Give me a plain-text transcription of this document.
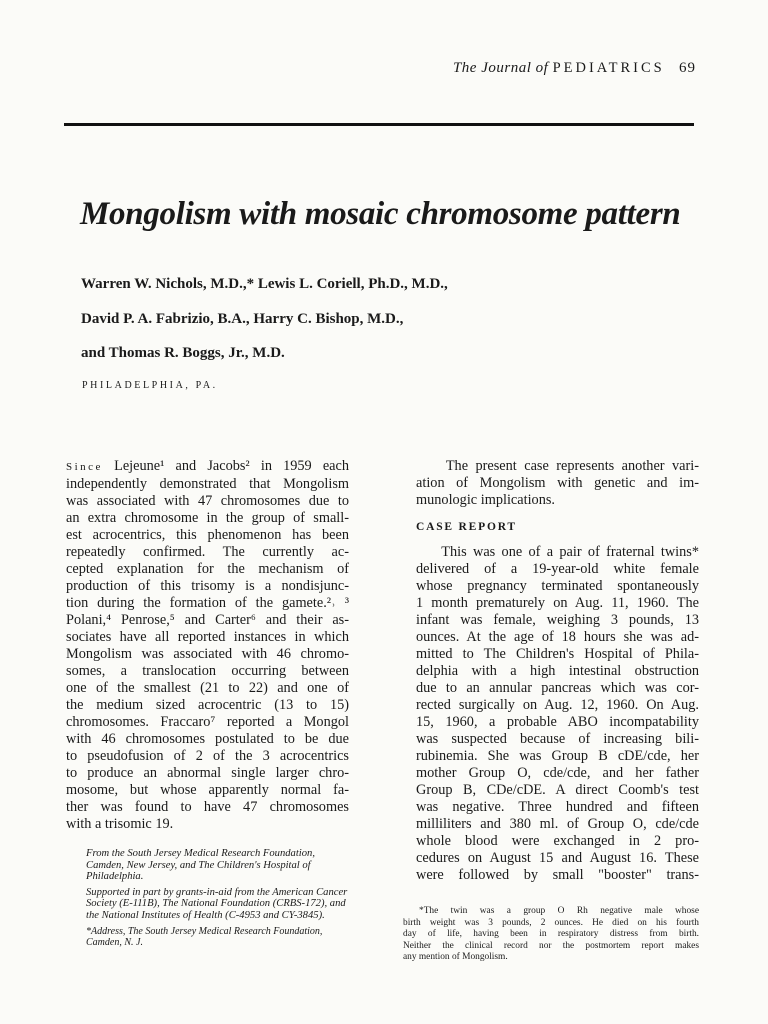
The Journal of PEDIATRICS 69
Mongolism with mosaic chromosome pattern
Warren W. Nichols, M.D.,* Lewis L. Coriell, Ph.D., M.D.,
David P. A. Fabrizio, B.A., Harry C. Bishop, M.D.,
and Thomas R. Boggs, Jr., M.D.
PHILADELPHIA, PA.

Since Lejeune¹ and Jacobs² in 1959 each

independently demonstrated that Mongolism

was associated with 47 chromosomes due to

an extra chromosome in the group of small-

est acrocentrics, this phenomenon has been

repeatedly confirmed. The currently ac-

cepted explanation for the mechanism of

production of this trisomy is a nondisjunc-

tion during the formation of the gamete.²˒ ³

Polani,⁴ Penrose,⁵ and Carter⁶ and their as-

sociates have all reported instances in which

Mongolism was associated with 46 chromo-

somes, a translocation occurring between

one of the smallest (21 to 22) and one of

the medium sized acrocentric (13 to 15)

chromosomes. Fraccaro⁷ reported a Mongol

with 46 chromosomes postulated to be due

to pseudofusion of 2 of the 3 acrocentrics

to produce an abnormal single larger chro-

mosome, but whose apparently normal fa-

ther was found to have 47 chromosomes

with a trisomic 19.

From the South Jersey Medical Research Foundation, Camden, New Jersey, and The Children's Hospital of Philadelphia.

Supported in part by grants-in-aid from the American Cancer Society (E-111B), The National Foundation (CRBS-172), and the National Institutes of Health (C-4953 and CY-3845).

*Address, The South Jersey Medical Research Foundation, Camden, N. J.

The present case represents another vari-

ation of Mongolism with genetic and im-

munologic implications.

CASE REPORT

This was one of a pair of fraternal twins*

delivered of a 19-year-old white female

whose pregnancy terminated spontaneously

1 month prematurely on Aug. 11, 1960. The

infant was female, weighing 3 pounds, 13

ounces. At the age of 18 hours she was ad-

mitted to The Children's Hospital of Phila-

delphia with a high intestinal obstruction

due to an annular pancreas which was cor-

rected surgically on Aug. 12, 1960. On Aug.

15, 1960, a probable ABO incompatability

was suspected because of increasing bili-

rubinemia. She was Group B cDE/cde, her

mother Group O, cde/cde, and her father

Group B, CDe/cDE. A direct Coomb's test

was negative. Three hundred and fifteen

milliliters and 380 ml. of Group O, cde/cde

whole blood were exchanged in 2 pro-

cedures on August 15 and August 16. These

were followed by small "booster" trans-

*The twin was a group O Rh negative male whose

birth weight was 3 pounds, 2 ounces. He died on his fourth

day of life, having been in respiratory distress from birth.

Neither the clinical record nor the postmortem report makes

any mention of Mongolism.
